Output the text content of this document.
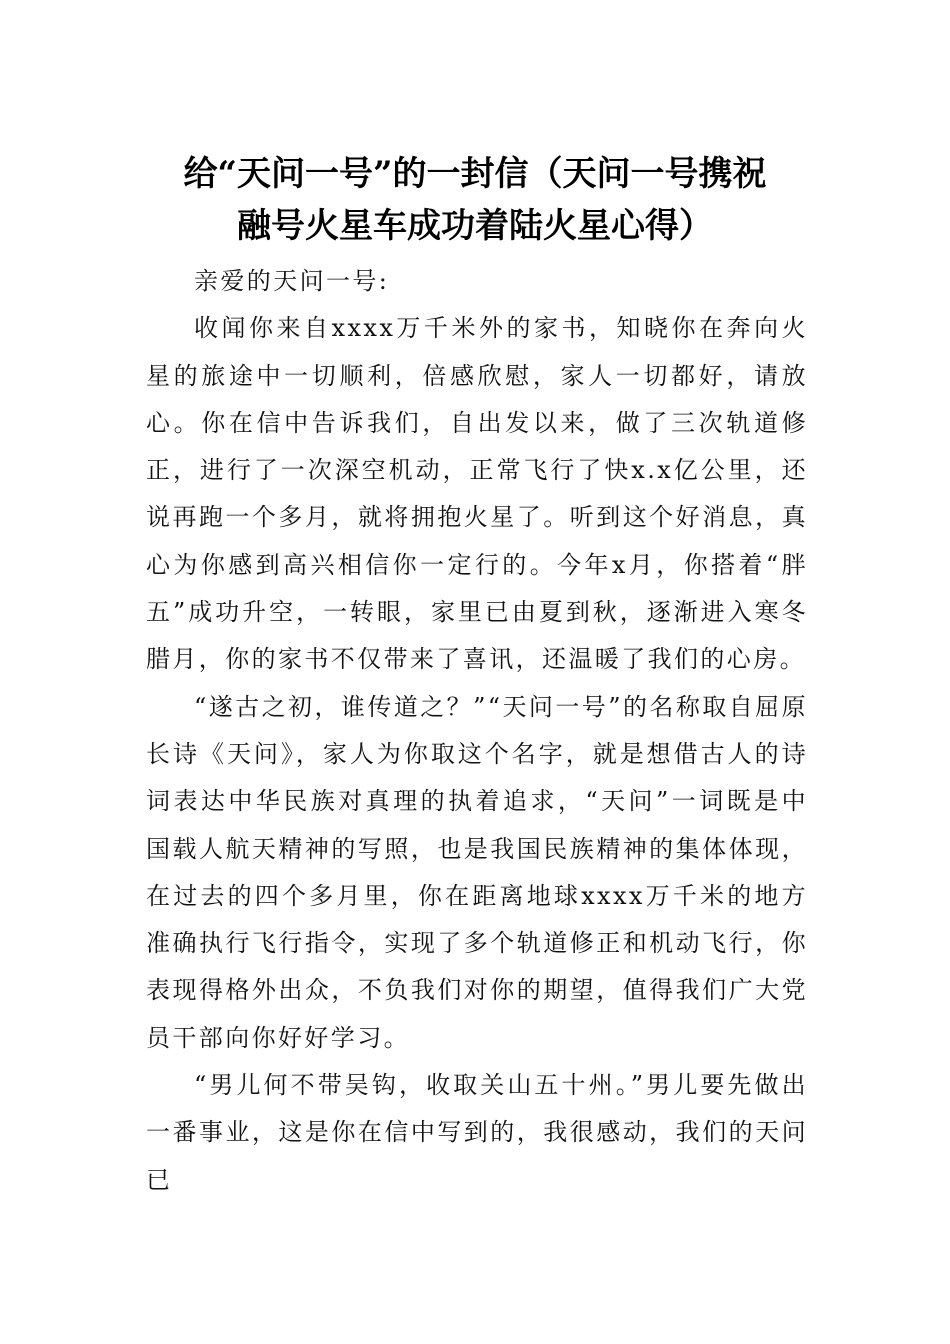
给“天问一号”的一封信（天问一号携祝
融号火星车成功着陆火星心得）

亲爱的天问一号:

收闻你来自xxxx万千米外的家书，知晓你在奔向火星的旅途中一切顺利，倍感欣慰，家人一切都好，请放心。你在信中告诉我们，自出发以来，做了三次轨道修正，进行了一次深空机动，正常飞行了快x.x亿公里，还说再跑一个多月，就将拥抱火星了。听到这个好消息，真心为你感到高兴相信你一定行的。今年x月，你搭着“胖五”成功升空，一转眼，家里已由夏到秋，逐渐进入寒冬腊月，你的家书不仅带来了喜讯，还温暖了我们的心房。

“遂古之初，谁传道之？”“天问一号”的名称取自屈原长诗《天问》，家人为你取这个名字，就是想借古人的诗词表达中华民族对真理的执着追求，“天问”一词既是中国载人航天精神的写照，也是我国民族精神的集体体现，在过去的四个多月里，你在距离地球xxxx万千米的地方准确执行飞行指令，实现了多个轨道修正和机动飞行，你表现得格外出众，不负我们对你的期望，值得我们广大党员干部向你好好学习。

“男儿何不带吴钩，收取关山五十州。”男儿要先做出一番事业，这是你在信中写到的，我很感动，我们的天问已
